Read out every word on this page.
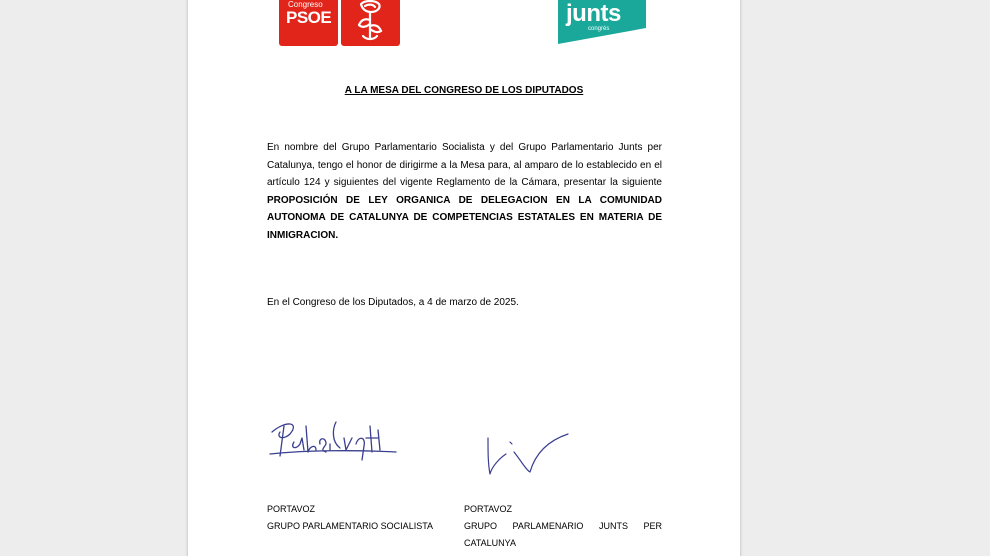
Congreso
PSOE	junts
congrés

A LA MESA DEL CONGRESO DE LOS DIPUTADOS

En nombre del Grupo Parlamentario Socialista y del Grupo Parlamentario Junts per Catalunya, tengo el honor de dirigirme a la Mesa para, al amparo de lo establecido en el artículo 124 y siguientes del vigente Reglamento de la Cámara, presentar la siguiente PROPOSICIÓN DE LEY ORGANICA DE DELEGACION EN LA COMUNIDAD AUTONOMA DE CATALUNYA DE COMPETENCIAS ESTATALES EN MATERIA DE INMIGRACION.

En el Congreso de los Diputados, a 4 de marzo de 2025.

PORTAVOZ
GRUPO PARLAMENTARIO SOCIALISTA
PORTAVOZ
GRUPO PARLAMENARIO JUNTS PER
CATALUNYA
